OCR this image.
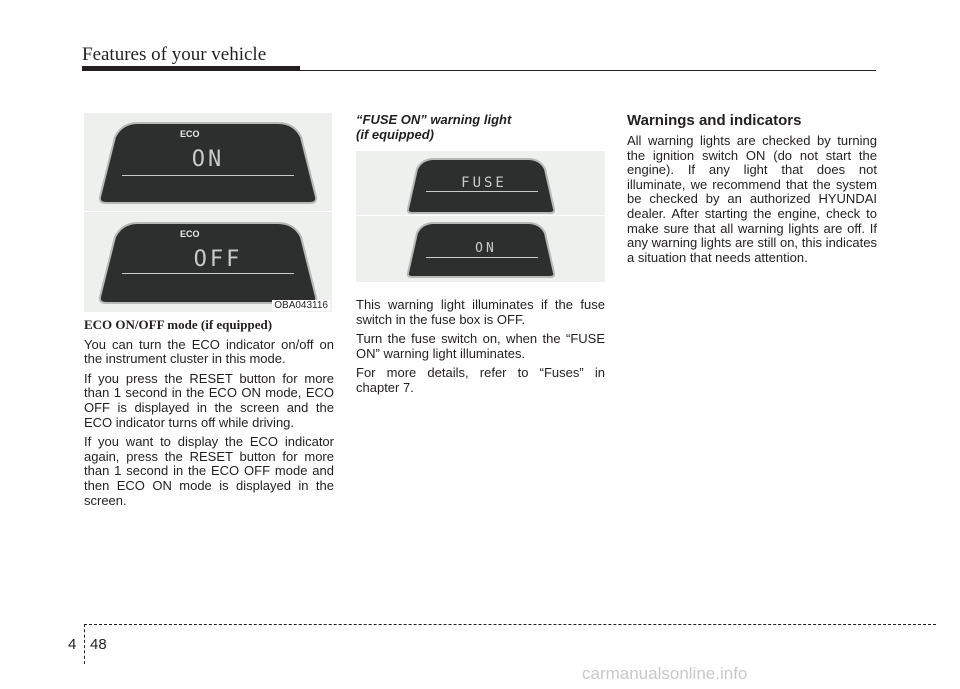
Features of your vehicle
ECO
ON
ECO
OFF
OBA043116
FUSE
ON

ECO ON/OFF mode (if equipped)

You can turn the ECO indicator on/off on the instrument cluster in this mode.

If you press the RESET button for more than 1 second in the ECO ON mode, ECO OFF is displayed in the screen and the ECO indicator turns off while driving.

If you want to display the ECO indicator again, press the RESET button for more than 1 second in the ECO OFF mode and then ECO ON mode is displayed in the screen.

“FUSE ON” warning light
(if equipped)

This warning light illuminates if the fuse switch in the fuse box is OFF.

Turn the fuse switch on, when the “FUSE ON” warning light illuminates.

For more details, refer to “Fuses” in chapter 7.

Warnings and indicators

All warning lights are checked by turning the ignition switch ON (do not start the engine). If any light that does not illuminate, we recommend that the system be checked by an authorized HYUNDAI dealer. After starting the engine, check to make sure that all warning lights are off. If any warning lights are still on, this indicates a situation that needs attention.

4 48
carmanualsonline.info
